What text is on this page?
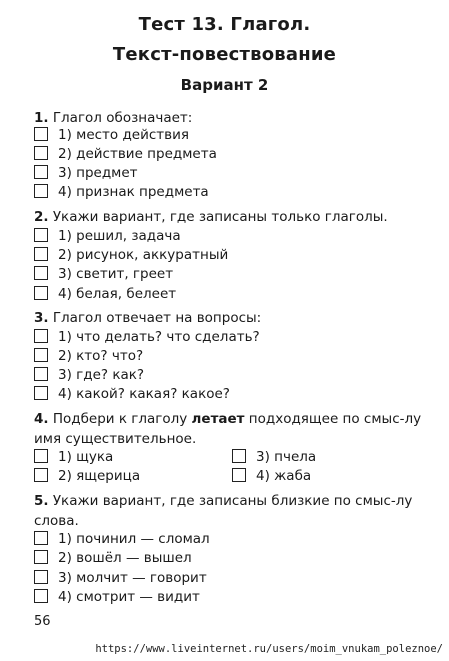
Тест 13. Глагол.
Текст-повествование
Вариант 2
1. Глагол обозначает:
1) место действия
2) действие предмета
3) предмет
4) признак предмета
2. Укажи вариант, где записаны только глаголы.
1) решил, задача
2) рисунок, аккуратный
3) светит, греет
4) белая, белеет
3. Глагол отвечает на вопросы:
1) что делать? что сделать?
2) кто? что?
3) где? как?
4) какой? какая? какое?
4. Подбери к глаголу летает подходящее по смыс-лу имя существительное.
1) щука
2) ящерица
3) пчела
4) жаба
5. Укажи вариант, где записаны близкие по смыс-лу слова.
1) починил — сломал
2) вошёл — вышел
3) молчит — говорит
4) смотрит — видит
56
https://www.liveinternet.ru/users/moim_vnukam_poleznoe/
